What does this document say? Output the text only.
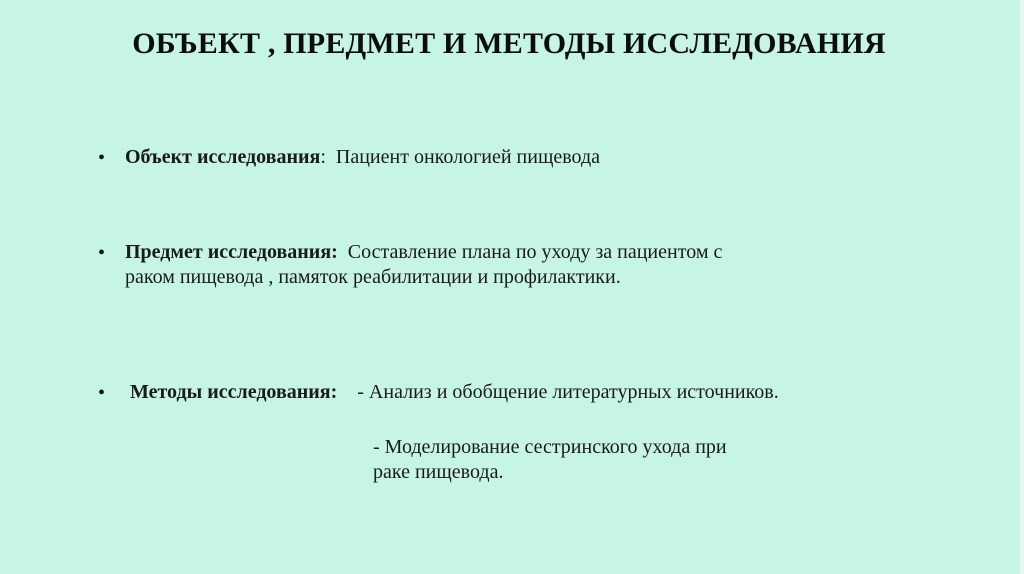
ОБЪЕКТ , ПРЕДМЕТ И МЕТОДЫ ИССЛЕДОВАНИЯ
• Объект исследования: Пациент онкологией пищевода
• Предмет исследования: Составление плана по уходу за пациентом с
раком пищевода , памяток реабилитации и профилактики.
• Методы исследования: - Анализ и обобщение литературных источников.
- Моделирование сестринского ухода при
раке пищевода.
